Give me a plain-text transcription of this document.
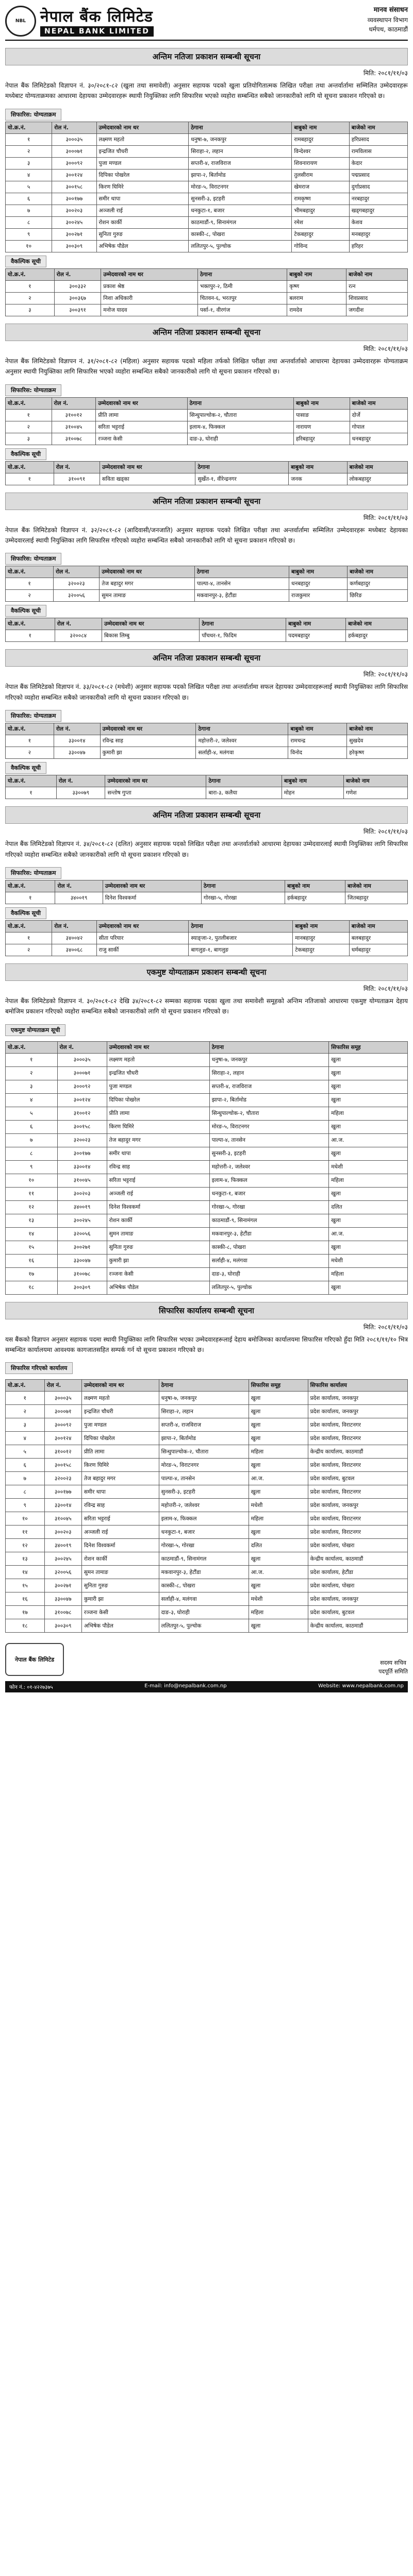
NBL नेपाल बैंक लिमिटेड
NEPAL BANK LIMITED
मानव संसाधन
व्यवस्थापन विभाग
धर्मपथ, काठमाडौं
अन्तिम नतिजा प्रकाशन सम्बन्धी सूचना
मिति: २०८१/११/०३
नेपाल बैंक लिमिटेडको विज्ञापन नं. ३०/२०८१-८२ (खुला तथा समावेशी) अनुसार सहायक पदको खुला प्रतियोगितात्मक लिखित परीक्षा तथा अन्तर्वार्तामा सम्मिलित उम्मेदवारहरू मध्येबाट योग्यताक्रमका आधारमा देहायका उम्मेदवारहरू स्थायी नियुक्तिका लागि सिफारिस भएको व्यहोरा सम्बन्धित सबैको जानकारीको लागि यो सूचना प्रकाशन गरिएको छ।
सिफारिस: योग्यताक्रम
यो.क्र.नं.	रोल नं.	उम्मेदवारको नाम थर	ठेगाना	बाबुको नाम	बाजेको नाम
१	३०००३५	लक्ष्मण महतो	धनुषा-७, जनकपुर	रामबहादुर	हरिप्रसाद
२	३०००७१	इन्द्रजित चौधरी	सिराहा-२, लहान	विन्देश्वर	रामविलास
३	३०००९२	पुजा मण्डल	सप्तरी-४, राजविराज	शिवनारायण	केदार
४	३००१२४	दिपिका पोखरेल	झापा-२, बिर्तामोड	तुलसीराम	पद्मप्रसाद
५	३००१५८	किरण घिमिरे	मोरङ-५, विराटनगर	खेमराज	दुर्गाप्रसाद
६	३००१७७	समीर थापा	सुनसरी-३, इटहरी	रामकृष्ण	नरबहादुर
७	३००२०३	अञ्जली राई	धनकुटा-१, बजार	भीमबहादुर	खड्गबहादुर
८	३००२४५	रोशन कार्की	काठमाडौं-९, सिनामंगल	रमेश	केशव
९	३००२७१	सुनिता गुरुङ	कास्की-८, पोखरा	टेकबहादुर	मनबहादुर
१०	३००३०९	अभिषेक पौडेल	ललितपुर-५, पुल्चोक	गोविन्द	हरिहर
वैकल्पिक सूची
यो.क्र.नं.	रोल नं.	उम्मेदवारको नाम थर	ठेगाना	बाबुको नाम	बाजेको नाम
१	३००३३२	प्रकाश श्रेष्ठ	भक्तपुर-२, ठिमी	कृष्ण	रत्न
२	३००३६७	निशा अधिकारी	चितवन-६, भरतपुर	बलराम	शिवप्रसाद
३	३००३९१	मनोज यादव	पर्सा-१, वीरगंज	रामदेव	जगदीश
अन्तिम नतिजा प्रकाशन सम्बन्धी सूचना
मिति: २०८१/११/०३
नेपाल बैंक लिमिटेडको विज्ञापन नं. ३१/२०८१-८२ (महिला) अनुसार सहायक पदको महिला तर्फको लिखित परीक्षा तथा अन्तर्वार्ताको आधारमा देहायका उम्मेदवारहरू योग्यताक्रम अनुसार स्थायी नियुक्तिका लागि सिफारिस भएको व्यहोरा सम्बन्धित सबैको जानकारीको लागि यो सूचना प्रकाशन गरिएको छ।
सिफारिस: योग्यताक्रम
यो.क्र.नं.	रोल नं.	उम्मेदवारको नाम थर	ठेगाना	बाबुको नाम	बाजेको नाम
१	३१००१२	प्रीति लामा	सिन्धुपाल्चोक-२, चौतारा	पासाङ	दोर्जे
२	३१००४५	सरिता भट्टराई	इलाम-४, फिक्कल	नारायण	गोपाल
३	३१००७८	रञ्जना केसी	दाङ-३, घोराही	हरिबहादुर	धनबहादुर
वैकल्पिक सूची
यो.क्र.नं.	रोल नं.	उम्मेदवारको नाम थर	ठेगाना	बाबुको नाम	बाजेको नाम
१	३१००९१	सविता खड्का	सुर्खेत-१, वीरेन्द्रनगर	जनक	लोकबहादुर
अन्तिम नतिजा प्रकाशन सम्बन्धी सूचना
मिति: २०८१/११/०३
नेपाल बैंक लिमिटेडको विज्ञापन नं. ३२/२०८१-८२ (आदिवासी/जनजाति) अनुसार सहायक पदको लिखित परीक्षा तथा अन्तर्वार्तामा सम्मिलित उम्मेदवारहरू मध्येबाट देहायका उम्मेदवारलाई स्थायी नियुक्तिका लागि सिफारिस गरिएको व्यहोरा सम्बन्धित सबैको जानकारीको लागि यो सूचना प्रकाशन गरिएको छ।
सिफारिस: योग्यताक्रम
यो.क्र.नं.	रोल नं.	उम्मेदवारको नाम थर	ठेगाना	बाबुको नाम	बाजेको नाम
१	३२००२३	तेज बहादुर मगर	पाल्पा-४, तानसेन	धनबहादुर	कर्णबहादुर
२	३२००५६	सुमन तामाङ	मकवानपुर-३, हेटौंडा	राजकुमार	छिरिङ
वैकल्पिक सूची
यो.क्र.नं.	रोल नं.	उम्मेदवारको नाम थर	ठेगाना	बाबुको नाम	बाजेको नाम
१	३२००८४	बिकास लिम्बु	पाँचथर-१, फिदिम	पदमबहादुर	हर्कबहादुर
अन्तिम नतिजा प्रकाशन सम्बन्धी सूचना
मिति: २०८१/११/०३
नेपाल बैंक लिमिटेडको विज्ञापन नं. ३३/२०८१-८२ (मधेशी) अनुसार सहायक पदको लिखित परीक्षा तथा अन्तर्वार्तामा सफल देहायका उम्मेदवारहरूलाई स्थायी नियुक्तिका लागि सिफारिस गरिएको व्यहोरा सम्बन्धित सबैको जानकारीको लागि यो सूचना प्रकाशन गरिएको छ।
सिफारिस: योग्यताक्रम
यो.क्र.नं.	रोल नं.	उम्मेदवारको नाम थर	ठेगाना	बाबुको नाम	बाजेको नाम
१	३३००१४	रविन्द्र साह	महोत्तरी-२, जलेश्वर	रामचन्द्र	सुखदेव
२	३३००४७	कुमारी झा	सर्लाही-४, मलंगवा	विनोद	हरेकृष्ण
वैकल्पिक सूची
यो.क्र.नं.	रोल नं.	उम्मेदवारको नाम थर	ठेगाना	बाबुको नाम	बाजेको नाम
१	३३००७९	सन्तोष गुप्ता	बारा-३, कलैया	मोहन	गणेश
अन्तिम नतिजा प्रकाशन सम्बन्धी सूचना
मिति: २०८१/११/०३
नेपाल बैंक लिमिटेडको विज्ञापन नं. ३४/२०८१-८२ (दलित) अनुसार सहायक पदको लिखित परीक्षा तथा अन्तर्वार्ताको आधारमा देहायका उम्मेदवारलाई स्थायी नियुक्तिका लागि सिफारिस गरिएको व्यहोरा सम्बन्धित सबैको जानकारीको लागि यो सूचना प्रकाशन गरिएको छ।
सिफारिस: योग्यताक्रम
यो.क्र.नं.	रोल नं.	उम्मेदवारको नाम थर	ठेगाना	बाबुको नाम	बाजेको नाम
१	३४००१९	दिनेश विश्वकर्मा	गोरखा-५, गोरखा	हर्कबहादुर	जितबहादुर
वैकल्पिक सूची
यो.क्र.नं.	रोल नं.	उम्मेदवारको नाम थर	ठेगाना	बाबुको नाम	बाजेको नाम
१	३४००४२	सीता परियार	स्याङ्जा-२, पुतलीबजार	मानबहादुर	बलबहादुर
२	३४००६८	राजु सार्की	बागलुङ-१, बागलुङ	टेकबहादुर	धर्मबहादुर
एकमुष्ट योग्यताक्रम प्रकाशन सम्बन्धी सूचना
मिति: २०८१/११/०३
नेपाल बैंक लिमिटेडको विज्ञापन नं. ३०/२०८१-८२ देखि ३४/२०८१-८२ सम्मका सहायक पदका खुला तथा समावेशी समूहको अन्तिम नतिजाको आधारमा एकमुष्ट योग्यताक्रम देहाय बमोजिम प्रकाशन गरिएको व्यहोरा सम्बन्धित सबैको जानकारीको लागि यो सूचना प्रकाशन गरिएको छ।
एकमुष्ट योग्यताक्रम सूची
यो.क्र.नं.	रोल नं.	उम्मेदवारको नाम थर	ठेगाना	सिफारिस समूह
१	३०००३५	लक्ष्मण महतो	धनुषा-७, जनकपुर	खुला
२	३०००७१	इन्द्रजित चौधरी	सिराहा-२, लहान	खुला
३	३०००९२	पुजा मण्डल	सप्तरी-४, राजविराज	खुला
४	३००१२४	दिपिका पोखरेल	झापा-२, बिर्तामोड	खुला
५	३१००१२	प्रीति लामा	सिन्धुपाल्चोक-२, चौतारा	महिला
६	३००१५८	किरण घिमिरे	मोरङ-५, विराटनगर	खुला
७	३२००२३	तेज बहादुर मगर	पाल्पा-४, तानसेन	आ.ज.
८	३००१७७	समीर थापा	सुनसरी-३, इटहरी	खुला
९	३३००१४	रविन्द्र साह	महोत्तरी-२, जलेश्वर	मधेशी
१०	३१००४५	सरिता भट्टराई	इलाम-४, फिक्कल	महिला
११	३००२०३	अञ्जली राई	धनकुटा-१, बजार	खुला
१२	३४००१९	दिनेश विश्वकर्मा	गोरखा-५, गोरखा	दलित
१३	३००२४५	रोशन कार्की	काठमाडौं-९, सिनामंगल	खुला
१४	३२००५६	सुमन तामाङ	मकवानपुर-३, हेटौंडा	आ.ज.
१५	३००२७१	सुनिता गुरुङ	कास्की-८, पोखरा	खुला
१६	३३००४७	कुमारी झा	सर्लाही-४, मलंगवा	मधेशी
१७	३१००७८	रञ्जना केसी	दाङ-३, घोराही	महिला
१८	३००३०९	अभिषेक पौडेल	ललितपुर-५, पुल्चोक	खुला
सिफारिस कार्यालय सम्बन्धी सूचना
मिति: २०८१/११/०३
यस बैंकको विज्ञापन अनुसार सहायक पदमा स्थायी नियुक्तिका लागि सिफारिस भएका उम्मेदवारहरूलाई देहाय बमोजिमका कार्यालयमा सिफारिस गरिएको हुँदा मिति २०८१/११/१० भित्र सम्बन्धित कार्यालयमा आवश्यक कागजातसहित सम्पर्क गर्न यो सूचना प्रकाशन गरिएको छ।
सिफारिस गरिएको कार्यालय
यो.क्र.नं.	रोल नं.	उम्मेदवारको नाम थर	ठेगाना	सिफारिस समूह	सिफारिस कार्यालय
१	३०००३५	लक्ष्मण महतो	धनुषा-७, जनकपुर	खुला	प्रदेश कार्यालय, जनकपुर
२	३०००७१	इन्द्रजित चौधरी	सिराहा-२, लहान	खुला	प्रदेश कार्यालय, जनकपुर
३	३०००९२	पुजा मण्डल	सप्तरी-४, राजविराज	खुला	प्रदेश कार्यालय, विराटनगर
४	३००१२४	दिपिका पोखरेल	झापा-२, बिर्तामोड	खुला	प्रदेश कार्यालय, विराटनगर
५	३१००१२	प्रीति लामा	सिन्धुपाल्चोक-२, चौतारा	महिला	केन्द्रीय कार्यालय, काठमाडौं
६	३००१५८	किरण घिमिरे	मोरङ-५, विराटनगर	खुला	प्रदेश कार्यालय, विराटनगर
७	३२००२३	तेज बहादुर मगर	पाल्पा-४, तानसेन	आ.ज.	प्रदेश कार्यालय, बुटवल
८	३००१७७	समीर थापा	सुनसरी-३, इटहरी	खुला	प्रदेश कार्यालय, विराटनगर
९	३३००१४	रविन्द्र साह	महोत्तरी-२, जलेश्वर	मधेशी	प्रदेश कार्यालय, जनकपुर
१०	३१००४५	सरिता भट्टराई	इलाम-४, फिक्कल	महिला	प्रदेश कार्यालय, विराटनगर
११	३००२०३	अञ्जली राई	धनकुटा-१, बजार	खुला	प्रदेश कार्यालय, विराटनगर
१२	३४००१९	दिनेश विश्वकर्मा	गोरखा-५, गोरखा	दलित	प्रदेश कार्यालय, पोखरा
१३	३००२४५	रोशन कार्की	काठमाडौं-९, सिनामंगल	खुला	केन्द्रीय कार्यालय, काठमाडौं
१४	३२००५६	सुमन तामाङ	मकवानपुर-३, हेटौंडा	आ.ज.	प्रदेश कार्यालय, हेटौंडा
१५	३००२७१	सुनिता गुरुङ	कास्की-८, पोखरा	खुला	प्रदेश कार्यालय, पोखरा
१६	३३००४७	कुमारी झा	सर्लाही-४, मलंगवा	मधेशी	प्रदेश कार्यालय, जनकपुर
१७	३१००७८	रञ्जना केसी	दाङ-३, घोराही	महिला	प्रदेश कार्यालय, बुटवल
१८	३००३०९	अभिषेक पौडेल	ललितपुर-५, पुल्चोक	खुला	केन्द्रीय कार्यालय, काठमाडौं
नेपाल बैंक लिमिटेड	सदस्य सचिव
पदपूर्ति समिति
फोन नं.: ०१-४२२७३७५	E-mail: info@nepalbank.com.np	Website: www.nepalbank.com.np
